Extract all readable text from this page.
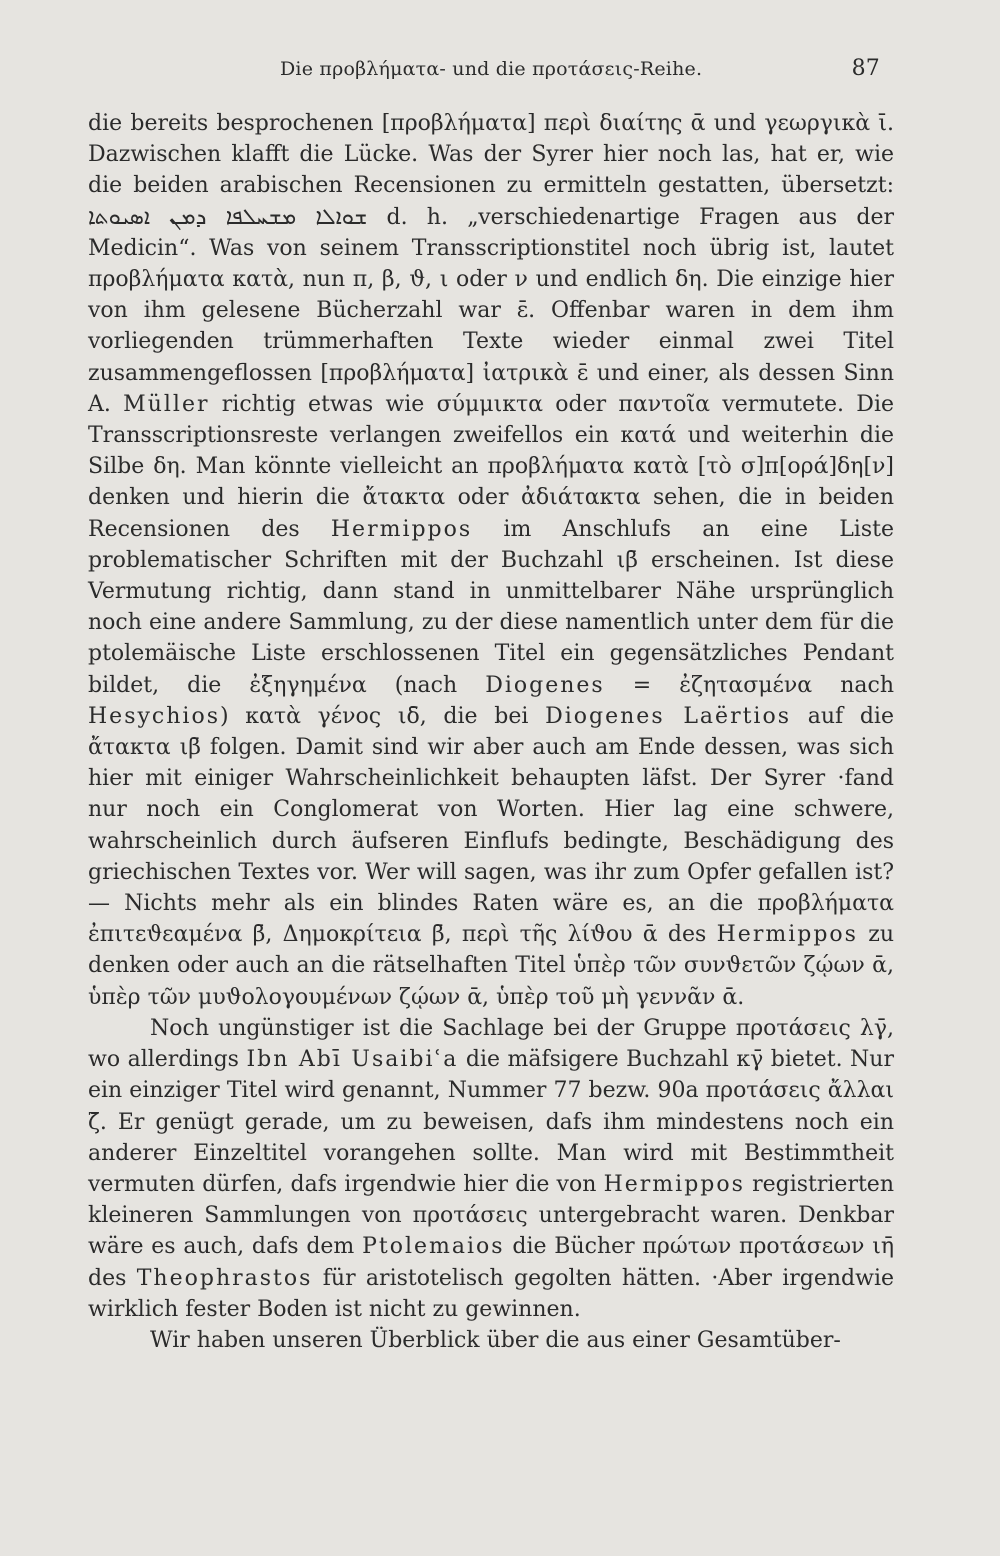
Die προβλήματα- und die προτάσεις-Reihe.	87

die bereits besprochenen [προβλήματα] περὶ διαίτης ᾱ und γεωργικὰ ῑ. Dazwischen klafft die Lücke. Was der Syrer hier noch las, hat er, wie die beiden arabischen Recensionen zu ermitteln gestatten, übersetzt: ܫܘܐܠܐ ܡܫܚܠܦܐ ܕܡܢ ܐܣܝܘܬܐ d. h. „verschiedenartige Fragen aus der Medicin“. Was von seinem Transscriptionstitel noch übrig ist, lautet προβλήματα κατὰ, nun π, β, ϑ, ι oder ν und endlich δη. Die einzige hier von ihm gelesene Bücherzahl war ε̄. Offenbar waren in dem ihm vorliegenden trümmerhaften Texte wieder einmal zwei Titel zusammengeflossen [προβλήματα] ἰατρικὰ ε̄ und einer, als dessen Sinn A. Müller richtig etwas wie σύμμικτα oder παντοῖα vermutete. Die Transscriptionsreste verlangen zweifellos ein κατά und weiterhin die Silbe δη. Man könnte vielleicht an προβλήματα κατὰ [τὸ σ]π[ορά]δη[ν] denken und hierin die ἄτακτα oder ἀδιάτακτα sehen, die in beiden Recensionen des Hermippos im Anschlufs an eine Liste problematischer Schriften mit der Buchzahl ιβ̄ erscheinen. Ist diese Vermutung richtig, dann stand in unmittelbarer Nähe ursprünglich noch eine andere Sammlung, zu der diese namentlich unter dem für die ptolemäische Liste erschlossenen Titel ein gegensätzliches Pendant bildet, die ἐξηγημένα (nach Diogenes = ἐζητασμένα nach Hesychios) κατὰ γένος ιδ̄, die bei Diogenes Laërtios auf die ἄτακτα ιβ̄ folgen. Damit sind wir aber auch am Ende dessen, was sich hier mit einiger Wahrscheinlichkeit behaupten läfst. Der Syrer ·fand nur noch ein Conglomerat von Worten. Hier lag eine schwere, wahrscheinlich durch äufseren Einflufs bedingte, Beschädigung des griechischen Textes vor. Wer will sagen, was ihr zum Opfer gefallen ist? — Nichts mehr als ein blindes Raten wäre es, an die προβλήματα ἐπιτεϑεαμένα β̄, Δημοκρίτεια β̄, περὶ τῆς λίϑου ᾱ des Hermippos zu denken oder auch an die rätselhaften Titel ὑπὲρ τῶν συνϑετῶν ζῴων ᾱ, ὑπὲρ τῶν μυϑολογουμένων ζῴων ᾱ, ὑπὲρ τοῦ μὴ γεννᾶν ᾱ.

Noch ungünstiger ist die Sachlage bei der Gruppe προτάσεις λγ̄, wo allerdings Ibn Abī Usaibiʿa die mäfsigere Buchzahl κγ̄ bietet. Nur ein einziger Titel wird genannt, Nummer 77 bezw. 90a προτάσεις ἄλλαι ζ̄. Er genügt gerade, um zu beweisen, dafs ihm mindestens noch ein anderer Einzeltitel vorangehen sollte. Man wird mit Bestimmtheit vermuten dürfen, dafs irgendwie hier die von Hermippos registrierten kleineren Sammlungen von προτάσεις untergebracht waren. Denkbar wäre es auch, dafs dem Ptolemaios die Bücher πρώτων προτάσεων ιη̄ des Theophrastos für aristotelisch gegolten hätten. ·Aber irgendwie wirklich fester Boden ist nicht zu gewinnen.

Wir haben unseren Überblick über die aus einer Gesamtüber-
